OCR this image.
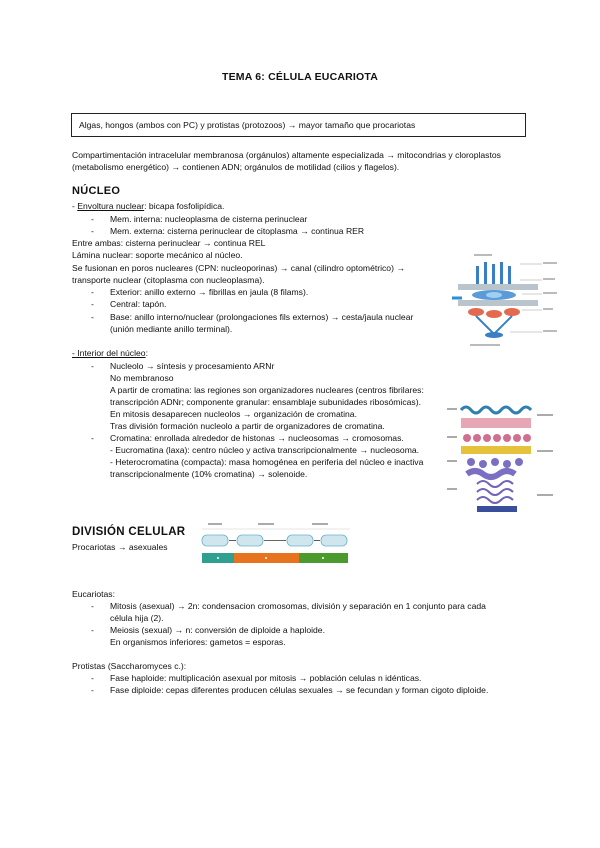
TEMA 6: CÉLULA EUCARIOTA
Algas, hongos (ambos con PC) y protistas (protozoos) → mayor tamaño que procariotas
Compartimentación intracelular membranosa (orgánulos) altamente especializada → mitocondrias y cloroplastos (metabolismo energético) → contienen ADN; orgánulos de motilidad (cilios y flagelos).
NÚCLEO
- Envoltura nuclear: bicapa fosfolipídica.
- Mem. interna: nucleoplasma de cisterna perinuclear
- Mem. externa: cisterna perinuclear de citoplasma → continua RER
Entre ambas: cisterna perinuclear → continua REL
Lámina nuclear: soporte mecánico al núcleo.
Se fusionan en poros nucleares (CPN: nucleoporinas) → canal (cilindro optométrico) →
transporte nuclear (citoplasma con nucleoplasma).
- Exterior: anillo externo → fibrillas en jaula (8 filams).
- Central: tapón.
- Base: anillo interno/nuclear (prolongaciones fils externos) → cesta/jaula nuclear
(unión mediante anillo terminal).
- Interior del núcleo:
- Nucleolo → síntesis y procesamiento ARNr
No membranoso
A partir de cromatina: las regiones son organizadores nucleares (centros fibrilares:
transcripción ADNr; componente granular: ensamblaje subunidades ribosómicas).
En mitosis desaparecen nucleolos → organización de cromatina.
Tras división formación nucleolo a partir de organizadores de cromatina.
- Cromatina: enrollada alrededor de histonas → nucleosomas → cromosomas.
- Eucromatina (laxa): centro núcleo y activa transcripcionalmente → nucleosoma.
- Heterocromatina (compacta): masa homogénea en periferia del núcleo e inactiva
transcripcionalmente (10% cromatina) → solenoide.
DIVISIÓN CELULAR
Procariotas → asexuales
Eucariotas:
- Mitosis (asexual) → 2n: condensacion cromosomas, división y separación en 1 conjunto para cada
célula hija (2).
- Meiosis (sexual) → n: conversión de diploide a haploide.
En organismos inferiores: gametos = esporas.
Protistas (Saccharomyces c.):
- Fase haploide: multiplicación asexual por mitosis → población celulas n idénticas.
- Fase diploide: cepas diferentes producen células sexuales → se fecundan y forman cigoto diploide.
